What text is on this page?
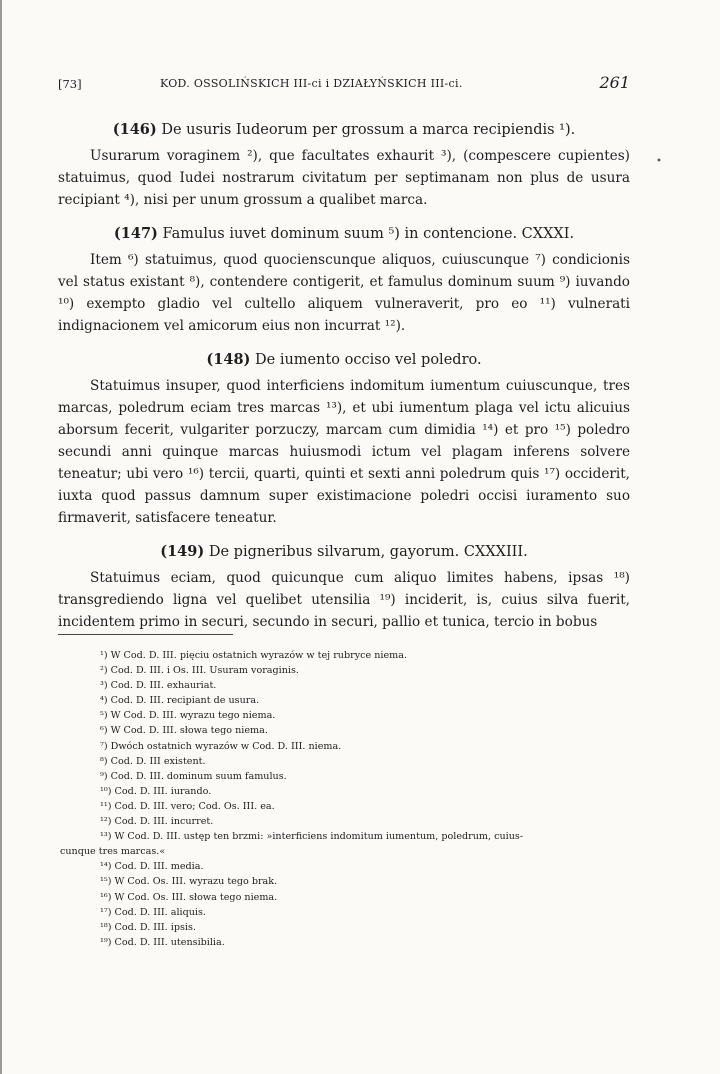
•
[73]	KOD. OSSOLIŃSKICH III-ci i DZIAŁYŃSKICH III-ci.	261

(146) De usuris Iudeorum per grossum a marca recipiendis ¹).

Usurarum voraginem ²), que facultates exhaurit ³), (compescere cupientes) statuimus, quod Iudei nostrarum civitatum per septimanam non plus de usura recipiant ⁴), nisi per unum grossum a qualibet marca.

(147) Famulus iuvet dominum suum ⁵) in contencione. CXXXI.

Item ⁶) statuimus, quod quocienscunque aliquos, cuiuscunque ⁷) condicionis vel status existant ⁸), contendere contigerit, et famulus dominum suum ⁹) iuvando ¹⁰) exempto gladio vel cultello aliquem vulneraverit, pro eo ¹¹) vulnerati indignacionem vel amicorum eius non incurrat ¹²).

(148) De iumento occiso vel poledro.

Statuimus insuper, quod interficiens indomitum iumentum cuiuscunque, tres marcas, poledrum eciam tres marcas ¹³), et ubi iumentum plaga vel ictu alicuius aborsum fecerit, vulgariter porzuczy, marcam cum dimidia ¹⁴) et pro ¹⁵) poledro secundi anni quinque marcas huiusmodi ictum vel plagam inferens solvere teneatur; ubi vero ¹⁶) tercii, quarti, quinti et sexti anni poledrum quis ¹⁷) occiderit, iuxta quod passus damnum super existimacione poledri occisi iuramento suo firmaverit, satisfacere teneatur.

(149) De pigneribus silvarum, gayorum. CXXXIII.

Statuimus eciam, quod quicunque cum aliquo limites habens, ipsas ¹⁸) transgrediendo ligna vel quelibet utensilia ¹⁹) inciderit, is, cuius silva fuerit, incidentem primo in securi, secundo in securi, pallio et tunica, tercio in bobus

¹) W Cod. D. III. pięciu ostatnich wyrazów w tej rubryce niema.

²) Cod. D. III. i Os. III. Usuram voraginis.

³) Cod. D. III. exhauriat.

⁴) Cod. D. III. recipiant de usura.

⁵) W Cod. D. III. wyrazu tego niema.

⁶) W Cod. D. III. słowa tego niema.

⁷) Dwóch ostatnich wyrazów w Cod. D. III. niema.

⁸) Cod. D. III existent.

⁹) Cod. D. III. dominum suum famulus.

¹⁰) Cod. D. III. iurando.

¹¹) Cod. D. III. vero; Cod. Os. III. ea.

¹²) Cod. D. III. incurret.

¹³) W Cod. D. III. ustęp ten brzmi: »interficiens indomitum iumentum, poledrum, cuius-

cunque tres marcas.«

¹⁴) Cod. D. III. media.

¹⁵) W Cod. Os. III. wyrazu tego brak.

¹⁶) W Cod. Os. III. słowa tego niema.

¹⁷) Cod. D. III. aliquis.

¹⁸) Cod. D. III. ipsis.

¹⁹) Cod. D. III. utensibilia.
